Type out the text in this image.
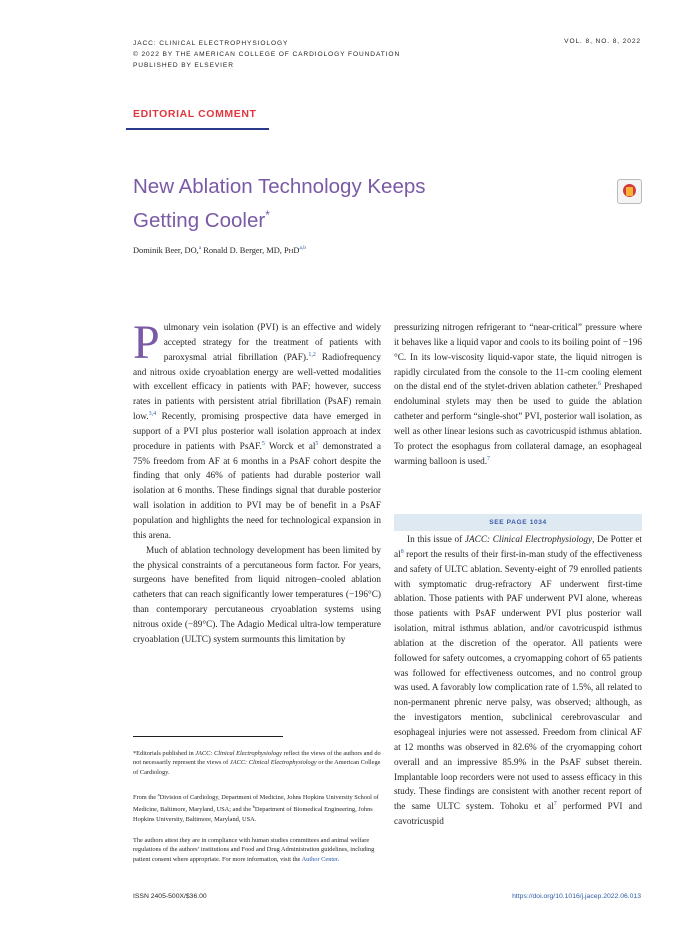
JACC: CLINICAL ELECTROPHYSIOLOGY
© 2022 BY THE AMERICAN COLLEGE OF CARDIOLOGY FOUNDATION
PUBLISHED BY ELSEVIER
VOL. 8, NO. 8, 2022
EDITORIAL COMMENT
New Ablation Technology Keeps
Getting Cooler*
Dominik Beer, DO,$^a$ Ronald D. Berger, MD, PHD$^{a,b}$

Pulmonary vein isolation (PVI) is an effective and widely accepted strategy for the treatment of patients with paroxysmal atrial fibrillation (PAF).$^{1,2}$ Radiofrequency and nitrous oxide cryoablation energy are well-vetted modalities with excellent efficacy in patients with PAF; however, success rates in patients with persistent atrial fibrillation (PsAF) remain low.$^{3,4}$ Recently, promising prospective data have emerged in support of a PVI plus posterior wall isolation approach at index procedure in patients with PsAF.$^5$ Worck et al$^5$ demonstrated a 75% freedom from AF at 6 months in a PsAF cohort despite the finding that only 46% of patients had durable posterior wall isolation at 6 months. These findings signal that durable posterior wall isolation in addition to PVI may be of benefit in a PsAF population and highlights the need for technological expansion in this arena.

Much of ablation technology development has been limited by the physical constraints of a percutaneous form factor. For years, surgeons have benefited from liquid nitrogen–cooled ablation catheters that can reach significantly lower temperatures (−196°C) than contemporary percutaneous cryoablation systems using nitrous oxide (−89°C). The Adagio Medical ultra-low temperature cryoablation (ULTC) system surmounts this limitation by

pressurizing nitrogen refrigerant to “near-critical” pressure where it behaves like a liquid vapor and cools to its boiling point of −196 °C. In its low-viscosity liquid-vapor state, the liquid nitrogen is rapidly circulated from the console to the 11-cm cooling element on the distal end of the stylet-driven ablation catheter.$^6$ Preshaped endoluminal stylets may then be used to guide the ablation catheter and perform “single-shot” PVI, posterior wall isolation, as well as other linear lesions such as cavotricuspid isthmus ablation. To protect the esophagus from collateral damage, an esophageal warming balloon is used.$^7$

SEE PAGE 1034

In this issue of JACC: Clinical Electrophysiology, De Potter et al$^8$ report the results of their first-in-man study of the effectiveness and safety of ULTC ablation. Seventy-eight of 79 enrolled patients with symptomatic drug-refractory AF underwent first-time ablation. Those patients with PAF underwent PVI alone, whereas those patients with PsAF underwent PVI plus posterior wall isolation, mitral isthmus ablation, and/or cavotricuspid isthmus ablation at the discretion of the operator. All patients were followed for safety outcomes, a cryomapping cohort of 65 patients was followed for effectiveness outcomes, and no control group was used. A favorably low complication rate of 1.5%, all related to non-permanent phrenic nerve palsy, was observed; although, as the investigators mention, subclinical cerebrovascular and esophageal injuries were not assessed. Freedom from clinical AF at 12 months was observed in 82.6% of the cryomapping cohort overall and an impressive 85.9% in the PsAF subset therein. Implantable loop recorders were not used to assess efficacy in this study. These findings are consistent with another recent report of the same ULTC system. Tohoku et al$^7$ performed PVI and cavotricuspid

*Editorials published in JACC: Clinical Electrophysiology reflect the views of the authors and do not necessarily represent the views of JACC: Clinical Electrophysiology or the American College of Cardiology.

From the $^a$Division of Cardiology, Department of Medicine, Johns Hopkins University School of Medicine, Baltimore, Maryland, USA; and the $^b$Department of Biomedical Engineering, Johns Hopkins University, Baltimore, Maryland, USA.

The authors attest they are in compliance with human studies committees and animal welfare regulations of the authors’ institutions and Food and Drug Administration guidelines, including patient consent where appropriate. For more information, visit the Author Center.

ISSN 2405-500X/$36.00	https://doi.org/10.1016/j.jacep.2022.06.013
